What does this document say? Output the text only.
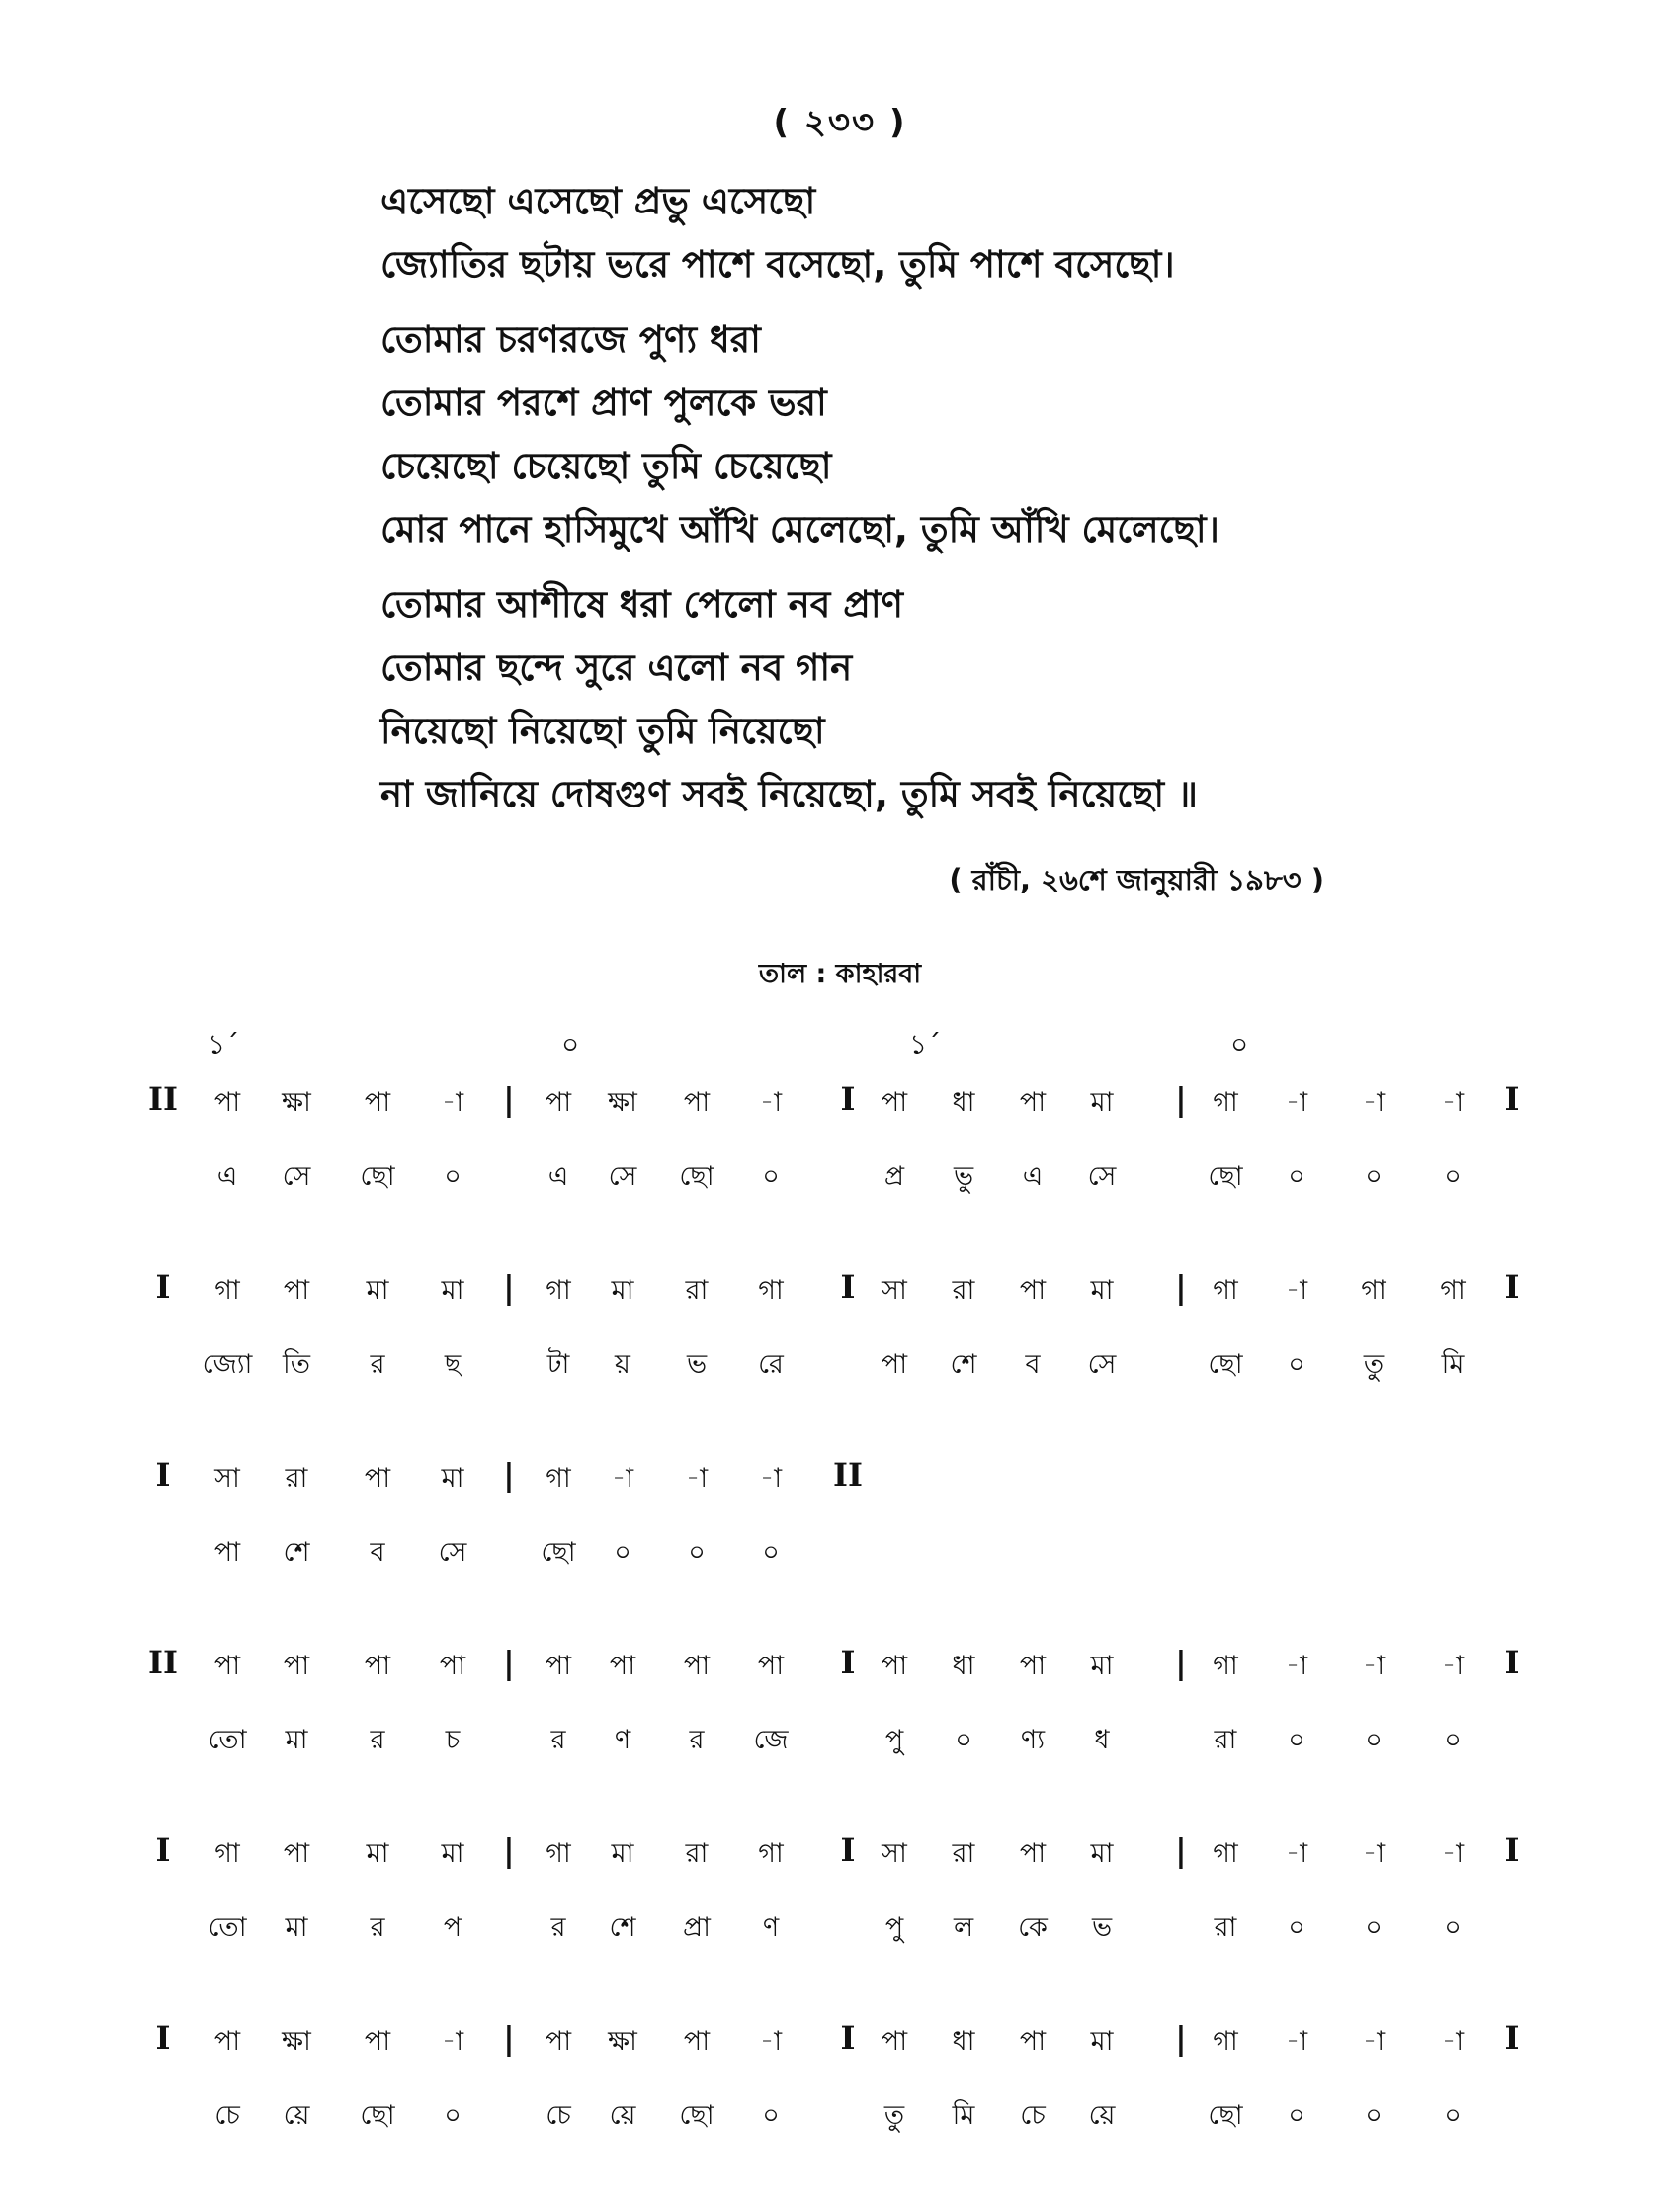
( ২৩৩ )
এসেছো এসেছো প্রভু এসেছো
জ্যোতির ছটায় ভরে পাশে বসেছো, তুমি পাশে বসেছো।
তোমার চরণরজে পুণ্য ধরা
তোমার পরশে প্রাণ পুলকে ভরা
চেয়েছো চেয়েছো তুমি চেয়েছো
মোর পানে হাসিমুখে আঁখি মেলেছো, তুমি আঁখি মেলেছো।
তোমার আশীষে ধরা পেলো নব প্রাণ
তোমার ছন্দে সুরে এলো নব গান
নিয়েছো নিয়েছো তুমি নিয়েছো
না জানিয়ে দোষগুণ সবই নিয়েছো, তুমি সবই নিয়েছো ॥
( রাঁচী, ২৬শে জানুয়ারী ১৯৮৩ )
তাল : কাহারবা
১´	০	১´	০
II পা ক্ষা পা -া	পা ক্ষা পা -া	পা ধা পা মা	গা -া -া -া
|	I	|	I
এ সে ছো ০	এ সে ছো ০	প্র ভু এ সে	ছো ০ ০ ০
I গা পা মা মা	গা মা রা গা	সা রা পা মা	গা -া গা গা
|	I	|	I
জ্যো তি র ছ	টা য় ভ রে	পা শে ব সে	ছো ০ তু মি
I সা রা পা মা	গা -া -া -া
|	II
পা শে ব সে	ছো ০ ০ ০
II পা পা পা পা	পা পা পা পা	পা ধা পা মা	গা -া -া -া
|	I	|	I
তো মা র চ	র ণ র জে	পু ০ ণ্য ধ	রা ০ ০ ০
I গা পা মা মা	গা মা রা গা	সা রা পা মা	গা -া -া -া
|	I	|	I
তো মা র প	র শে প্রা ণ	পু ল কে ভ	রা ০ ০ ০
I পা ক্ষা পা -া	পা ক্ষা পা -া	পা ধা পা মা	গা -া -া -া
|	I	|	I
চে য়ে ছো ০	চে য়ে ছো ০	তু মি চে য়ে	ছো ০ ০ ০
